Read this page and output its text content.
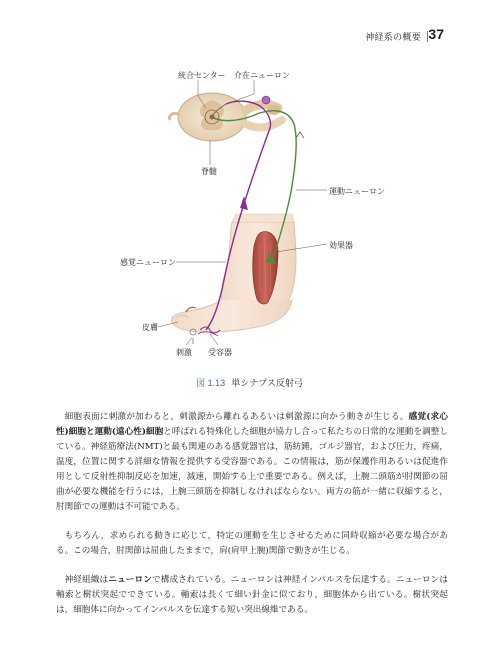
神経系の概要 37
統合センター 介在ニューロン
脊髄
運動ニューロン
効果器
感覚ニューロン
皮膚
刺激 受容器
図 1.13 単シナプス反射弓

細胞表面に刺激が加わると，刺激源から離れるあるいは刺激源に向かう動きが生じる。感覚(求心性)細胞と運動(遠心性)細胞と呼ばれる特殊化した細胞が協力し合って私たちの日常的な運動を調整している。神経筋療法(NMT)と最も関連のある感覚器官は，筋紡錘，ゴルジ器官，および圧力，疼痛，温度，位置に関する詳細な情報を提供する受容器である。この情報は，筋が保護作用あるいは促進作用として反射性抑制反応を加速，減速，開始する上で重要である。例えば，上腕二頭筋が肘関節の屈曲が必要な機能を行うには，上腕三頭筋を抑制しなければならない。両方の筋が一緒に収縮すると，肘関節での運動は不可能である。

もちろん，求められる動きに応じて，特定の運動を生じさせるために同時収縮が必要な場合がある。この場合，肘関節は屈曲したままで，肩(肩甲上腕)関節で動きが生じる。

神経組織はニューロンで構成されている。ニューロンは神経インパルスを伝達する。ニューロンは軸索と樹状突起でできている。軸索は長くて細い針金に似ており，細胞体から出ている。樹状突起は，細胞体に向かってインパルスを伝達する短い突出線維である。
